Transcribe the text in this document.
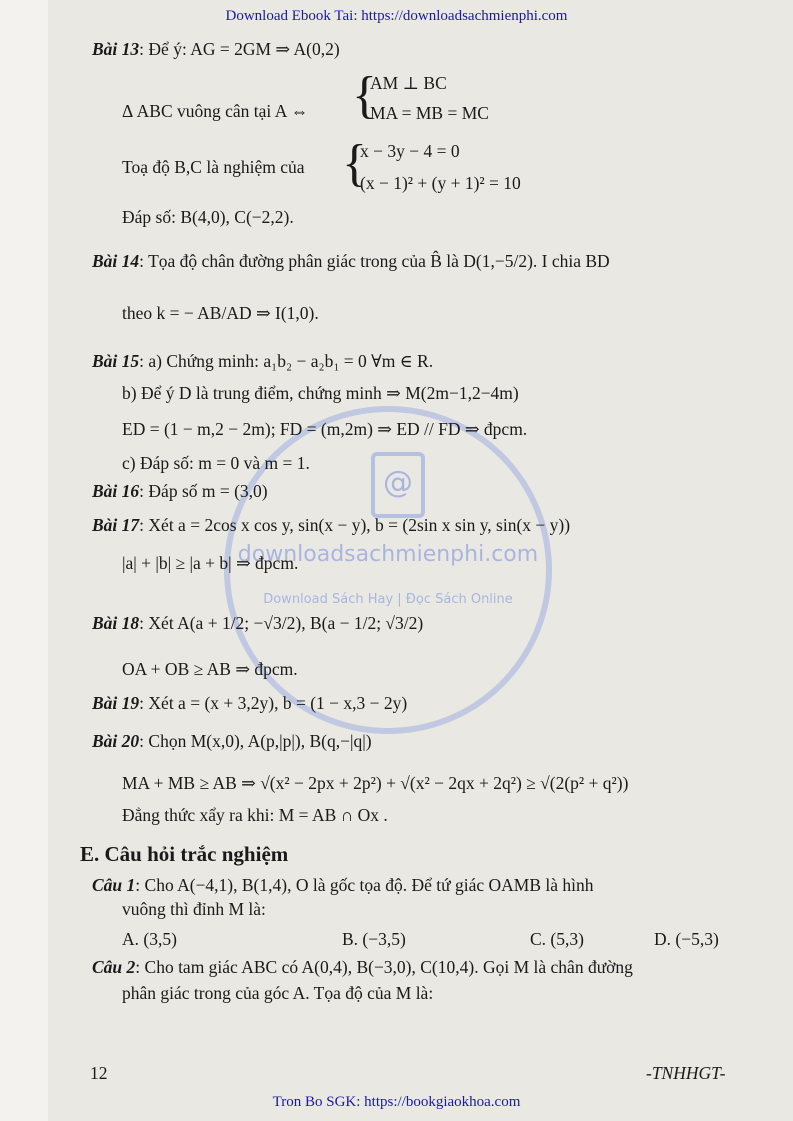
Download Ebook Tai: https://downloadsachmienphi.com
@
downloadsachmienphi.com
Download Sách Hay | Đọc Sách Online
Bài 13: Để ý: AG = 2GM ⇒ A(0,2)
Δ ABC vuông cân tại A ⇔ {
AM ⊥ BC
MA = MB = MC
Toạ độ B,C là nghiệm của {
x − 3y − 4 = 0
(x − 1)² + (y + 1)² = 10
Đáp số: B(4,0), C(−2,2).
Bài 14: Tọa độ chân đường phân giác trong của B̂ là D(1,−5/2). I chia BD
theo k = − AB/AD ⇒ I(1,0).
Bài 15: a) Chứng minh: a₁b₂ − a₂b₁ = 0 ∀m ∈ R.
b) Để ý D là trung điểm, chứng minh ⇒ M(2m−1,2−4m)
ED = (1 − m,2 − 2m); FD = (m,2m) ⇒ ED // FD ⇒ đpcm.
c) Đáp số: m = 0 và m = 1.
Bài 16: Đáp số m = (3,0)
Bài 17: Xét a = 2cos x cos y, sin(x − y), b = (2sin x sin y, sin(x − y))
|a| + |b| ≥ |a + b| ⇒ đpcm.
Bài 18: Xét A(a + 1/2; −√3/2), B(a − 1/2; √3/2)
OA + OB ≥ AB ⇒ đpcm.
Bài 19: Xét a = (x + 3,2y), b = (1 − x,3 − 2y)
Bài 20: Chọn M(x,0), A(p,|p|), B(q,−|q|)
MA + MB ≥ AB ⇒ √(x² − 2px + 2p²) + √(x² − 2qx + 2q²) ≥ √(2(p² + q²))
Đẳng thức xẩy ra khi: M = AB ∩ Ox .
E. Câu hỏi trắc nghiệm
Câu 1: Cho A(−4,1), B(1,4), O là gốc tọa độ. Để tứ giác OAMB là hình
vuông thì đỉnh M là:
A. (3,5)	B. (−3,5)	C. (5,3)	D. (−5,3)
Câu 2: Cho tam giác ABC có A(0,4), B(−3,0), C(10,4). Gọi M là chân đường
phân giác trong của góc A. Tọa độ của M là:
12	-TNHHGT-
Tron Bo SGK: https://bookgiaokhoa.com
